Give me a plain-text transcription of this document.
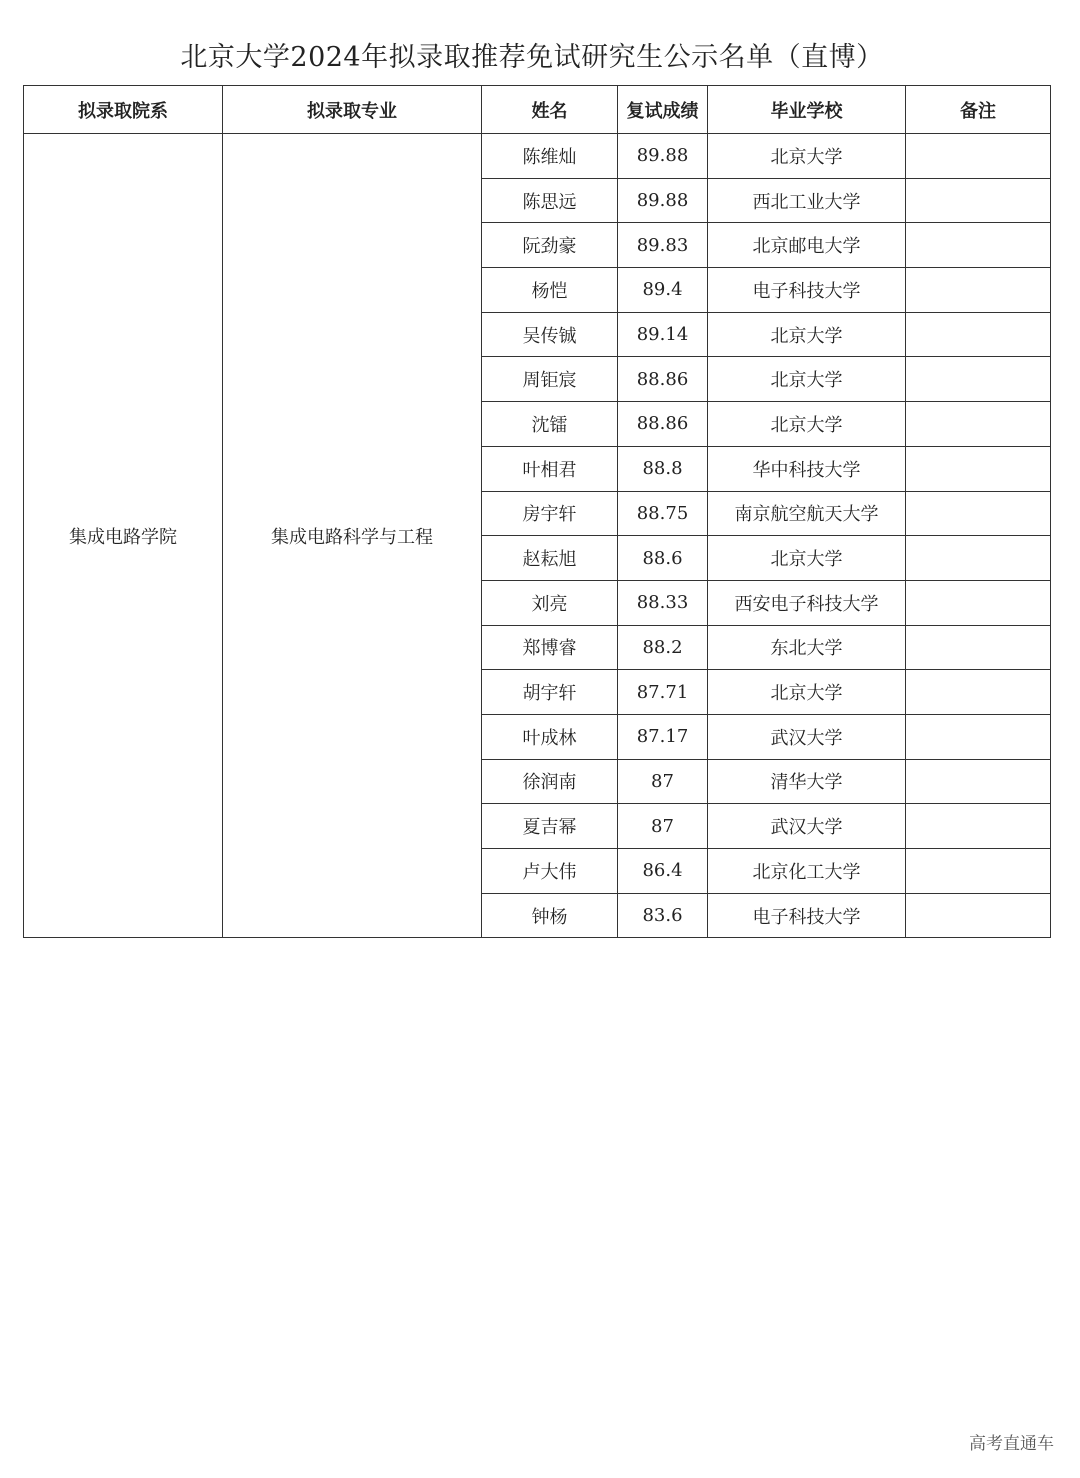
北京大学2024年拟录取推荐免试研究生公示名单（直博）
拟录取院系	拟录取专业	姓名	复试成绩	毕业学校	备注
集成电路学院	集成电路科学与工程	陈维灿	89.88	北京大学	
		陈思远	89.88	西北工业大学	
		阮劲豪	89.83	北京邮电大学	
		杨恺	89.4	电子科技大学	
		吴传铖	89.14	北京大学	
		周钜宸	88.86	北京大学	
		沈镭	88.86	北京大学	
		叶相君	88.8	华中科技大学	
		房宇轩	88.75	南京航空航天大学	
		赵耘旭	88.6	北京大学	
		刘亮	88.33	西安电子科技大学	
		郑博睿	88.2	东北大学	
		胡宇轩	87.71	北京大学	
		叶成林	87.17	武汉大学	
		徐润南	87	清华大学	
		夏吉幂	87	武汉大学	
		卢大伟	86.4	北京化工大学	
		钟杨	83.6	电子科技大学	
高考直通车
